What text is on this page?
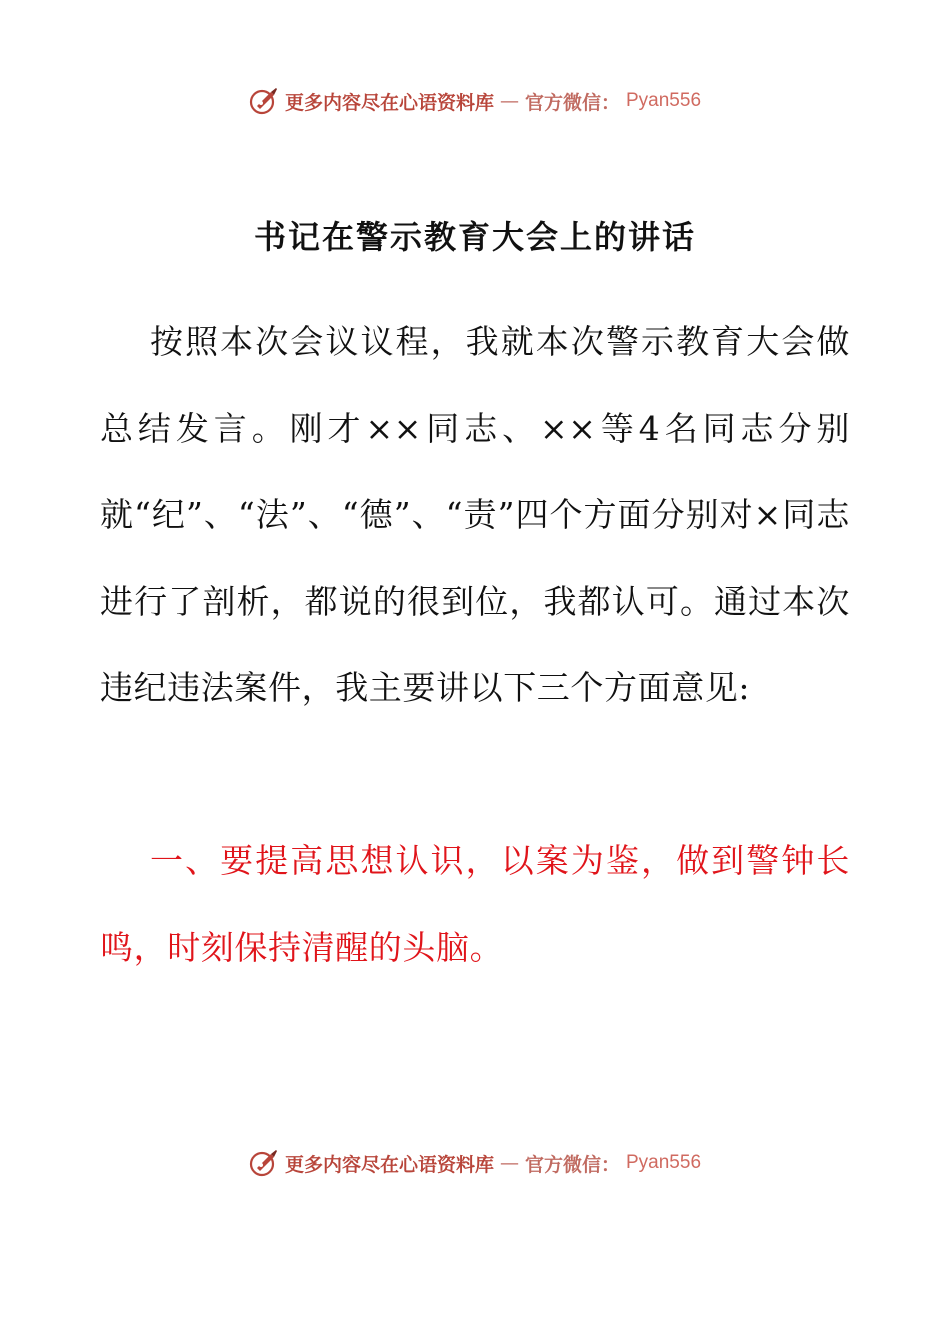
更多内容尽在心语资料库 — 官方微信： Pyan556
书记在警示教育大会上的讲话
按照本次会议议程，我就本次警示教育大会做总结发言。刚才××同志、××等4名同志分别就“纪”、“法”、“德”、“责”四个方面分别对×同志进行了剖析，都说的很到位，我都认可。通过本次违纪违法案件，我主要讲以下三个方面意见:
一、要提高思想认识，以案为鉴，做到警钟长鸣，时刻保持清醒的头脑。
更多内容尽在心语资料库 — 官方微信： Pyan556
